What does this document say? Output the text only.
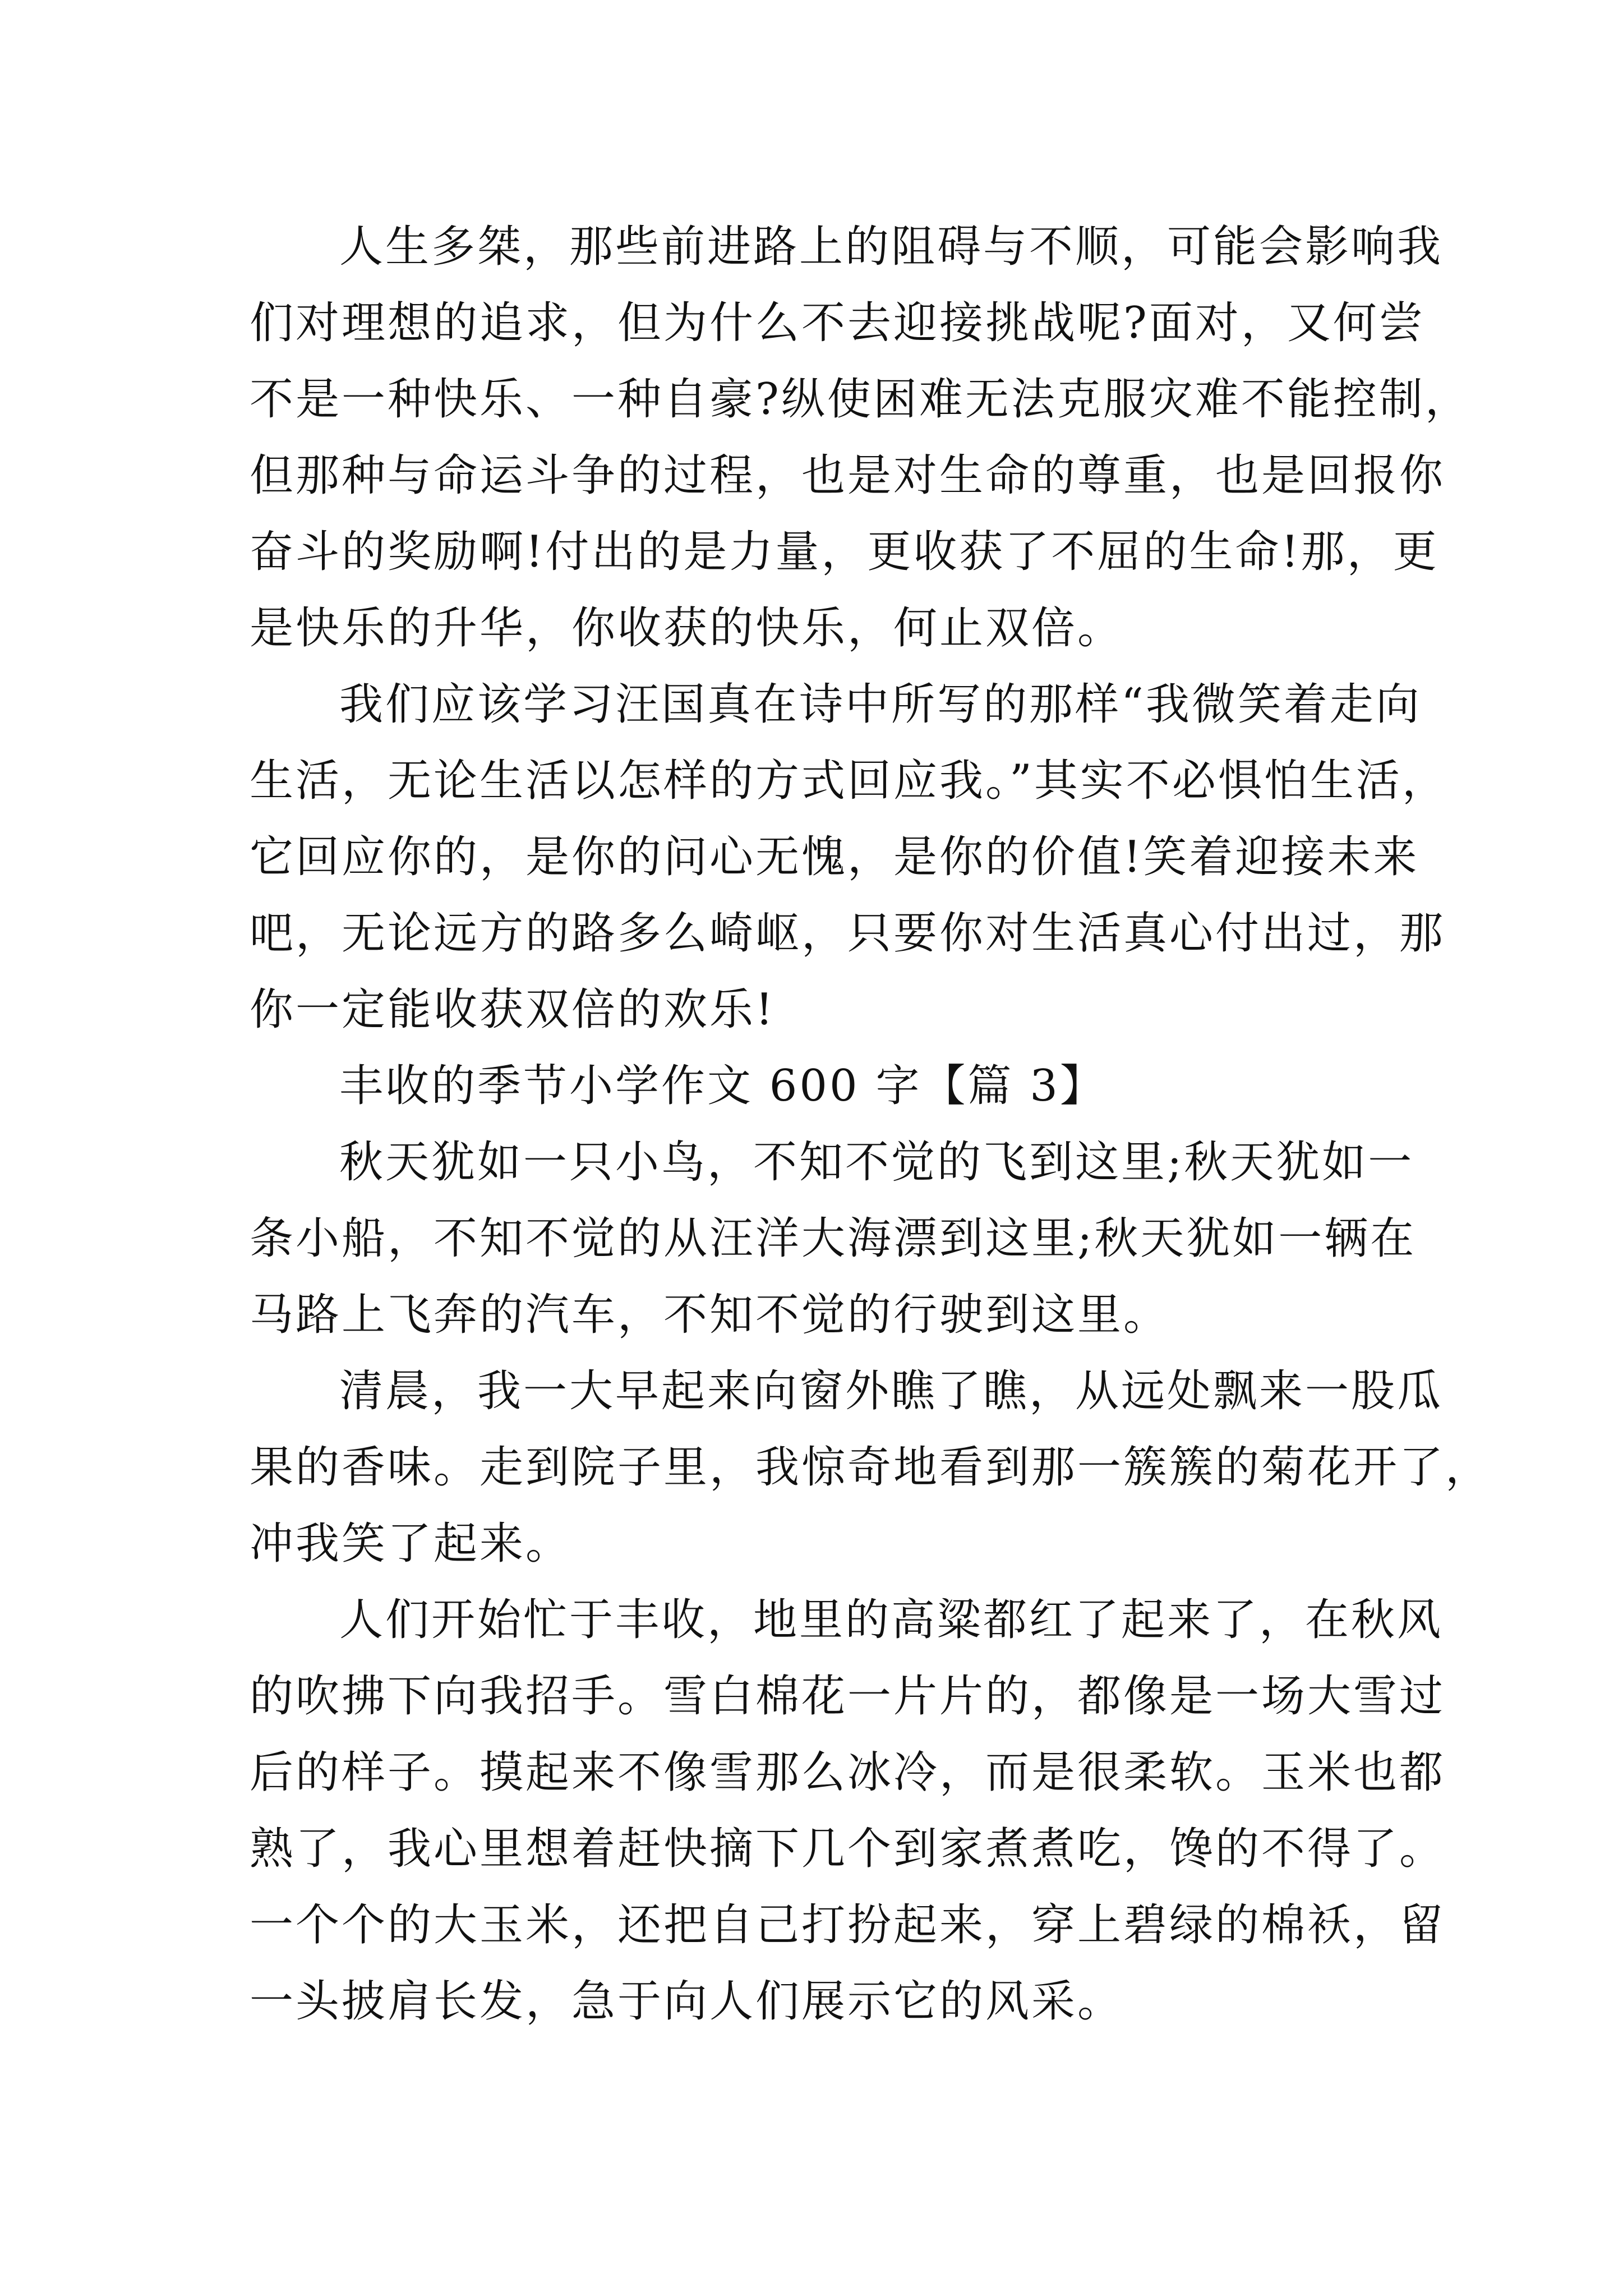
人生多桀，那些前进路上的阻碍与不顺，可能会影响我
们对理想的追求，但为什么不去迎接挑战呢?面对，又何尝
不是一种快乐、一种自豪?纵使困难无法克服灾难不能控制，
但那种与命运斗争的过程，也是对生命的尊重，也是回报你
奋斗的奖励啊!付出的是力量，更收获了不屈的生命!那，更
是快乐的升华，你收获的快乐，何止双倍。
我们应该学习汪国真在诗中所写的那样“我微笑着走向
生活，无论生活以怎样的方式回应我。”其实不必惧怕生活，
它回应你的，是你的问心无愧，是你的价值!笑着迎接未来
吧，无论远方的路多么崎岖，只要你对生活真心付出过，那
你一定能收获双倍的欢乐!
丰收的季节小学作文 600 字【篇 3】
秋天犹如一只小鸟，不知不觉的飞到这里;秋天犹如一
条小船，不知不觉的从汪洋大海漂到这里;秋天犹如一辆在
马路上飞奔的汽车，不知不觉的行驶到这里。
清晨，我一大早起来向窗外瞧了瞧，从远处飘来一股瓜
果的香味。走到院子里，我惊奇地看到那一簇簇的菊花开了，
冲我笑了起来。
人们开始忙于丰收，地里的高粱都红了起来了，在秋风
的吹拂下向我招手。雪白棉花一片片的，都像是一场大雪过
后的样子。摸起来不像雪那么冰冷，而是很柔软。玉米也都
熟了，我心里想着赶快摘下几个到家煮煮吃，馋的不得了。
一个个的大玉米，还把自己打扮起来，穿上碧绿的棉袄，留
一头披肩长发，急于向人们展示它的风采。
